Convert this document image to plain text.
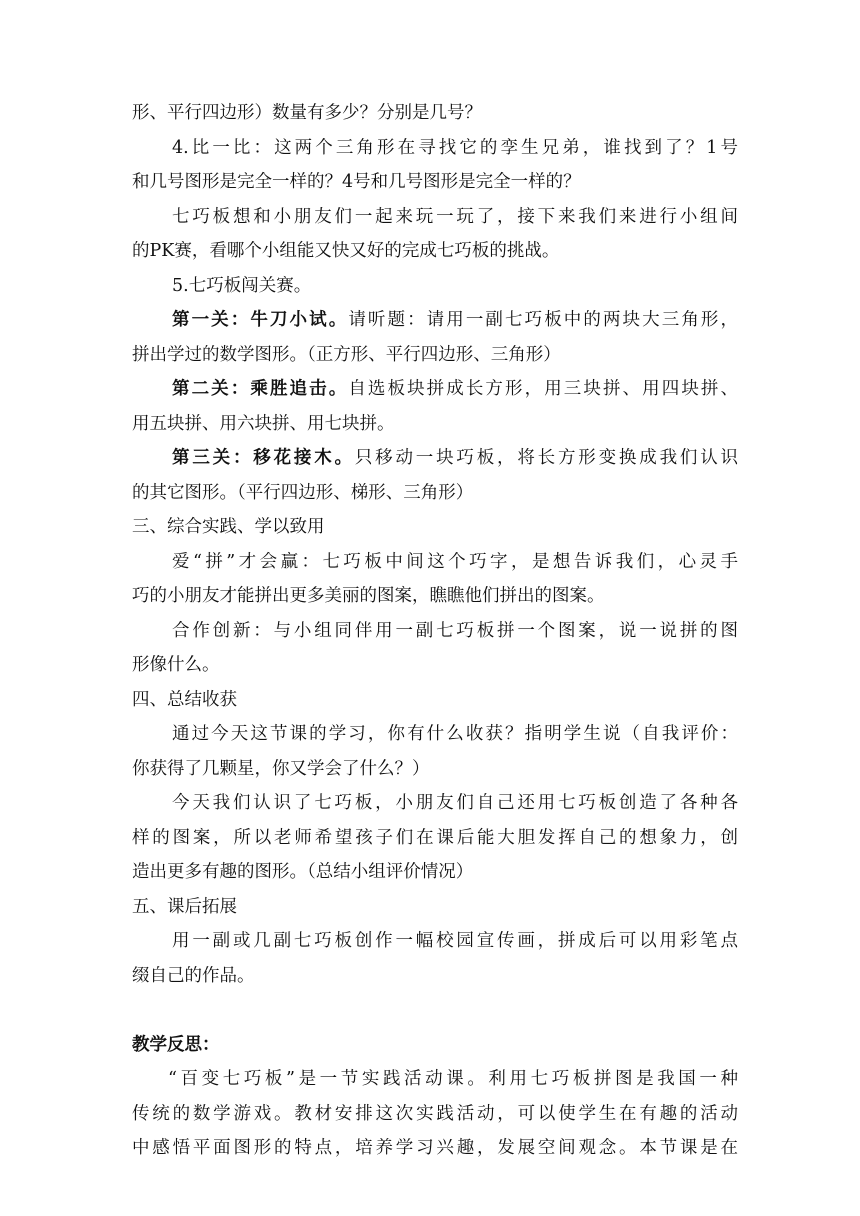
形、平行四边形）数量有多少？分别是几号？
4.比一比：这两个三角形在寻找它的孪生兄弟，谁找到了？1号
和几号图形是完全一样的？4号和几号图形是完全一样的？
七巧板想和小朋友们一起来玩一玩了，接下来我们来进行小组间
的PK赛，看哪个小组能又快又好的完成七巧板的挑战。
5.七巧板闯关赛。
第一关：牛刀小试。请听题：请用一副七巧板中的两块大三角形，
拼出学过的数学图形。（正方形、平行四边形、三角形）
第二关：乘胜追击。自选板块拼成长方形，用三块拼、用四块拼、
用五块拼、用六块拼、用七块拼。
第三关：移花接木。只移动一块巧板，将长方形变换成我们认识
的其它图形。（平行四边形、梯形、三角形）
三、综合实践、学以致用
爱“拼”才会赢：七巧板中间这个巧字，是想告诉我们，心灵手
巧的小朋友才能拼出更多美丽的图案，瞧瞧他们拼出的图案。
合作创新：与小组同伴用一副七巧板拼一个图案，说一说拼的图
形像什么。
四、总结收获
通过今天这节课的学习，你有什么收获？指明学生说（自我评价：
你获得了几颗星，你又学会了什么？）
今天我们认识了七巧板，小朋友们自己还用七巧板创造了各种各
样的图案，所以老师希望孩子们在课后能大胆发挥自己的想象力，创
造出更多有趣的图形。（总结小组评价情况）
五、课后拓展
用一副或几副七巧板创作一幅校园宣传画，拼成后可以用彩笔点
缀自己的作品。
教学反思：
“百变七巧板”是一节实践活动课。利用七巧板拼图是我国一种
传统的数学游戏。教材安排这次实践活动，可以使学生在有趣的活动
中感悟平面图形的特点，培养学习兴趣，发展空间观念。本节课是在
